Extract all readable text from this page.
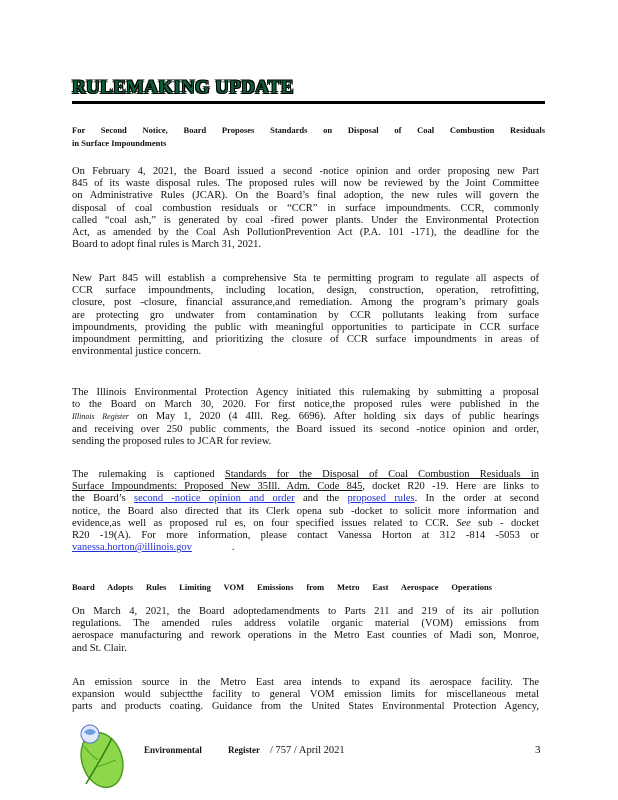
RULEMAKING UPDATE
For Second Notice, Board Proposes Standards on Disposal of Coal Combustion Residuals
in Surface Impoundments
On February 4, 2021, the Board issued a second -notice opinion and order proposing new Part
845 of its waste disposal rules. The proposed rules will now be reviewed by the Joint Committee
on Administrative Rules (JCAR). On the Board’s final adoption, the new rules will govern the
disposal of coal combustion residuals or “CCR” in surface impoundments. CCR, commonly
called “coal ash,” is generated by coal -fired power plants. Under the Environmental Protection
Act, as amended by the Coal Ash PollutionPrevention Act (P.A. 101 -171), the deadline for the
Board to adopt final rules is March 31, 2021.
New Part 845 will establish a comprehensive Sta te permitting program to regulate all aspects of
CCR surface impoundments, including location, design, construction, operation, retrofitting,
closure, post -closure, financial assurance,and remediation. Among the program’s primary goals
are protecting gro undwater from contamination by CCR pollutants leaking from surface
impoundments, providing the public with meaningful opportunities to participate in CCR surface
impoundment permitting, and prioritizing the closure of CCR surface impoundments in areas of
environmental justice concern.
The Illinois Environmental Protection Agency initiated this rulemaking by submitting a proposal
to the Board on March 30, 2020. For first notice,the proposed rules were published in the
Illinois Register on May 1, 2020 (4 4Ill. Reg. 6696). After holding six days of public hearings
and receiving over 250 public comments, the Board issued its second -notice opinion and order,
sending the proposed rules to JCAR for review.
The rulemaking is captioned Standards for the Disposal of Coal Combustion Residuals in
Surface Impoundments: Proposed New 35Ill. Adm. Code 845, docket R20 -19. Here are links to
the Board’s second -notice opinion and order and the proposed rules. In the order at second
notice, the Board also directed that its Clerk opena sub -docket to solicit more information and
evidence,as well as proposed rul es, on four specified issues related to CCR. See sub - docket
R20 -19(A). For more information, please contact Vanessa Horton at 312 -814 -5053 or
vanessa.horton@illinois.gov	.
Board Adopts Rules Limiting VOM Emissions from Metro East Aerospace Operations
On March 4, 2021, the Board adoptedamendments to Parts 211 and 219 of its air pollution
regulations. The amended rules address volatile organic material (VOM) emissions from
aerospace manufacturing and rework operations in the Metro East counties of Madi son, Monroe,
and St. Clair.
An emission source in the Metro East area intends to expand its aerospace facility. The
expansion would subjectthe facility to general VOM emission limits for miscellaneous metal
parts and products coating. Guidance from the United States Environmental Protection Agency,
Environmental	Register / 757 / April 2021	3
